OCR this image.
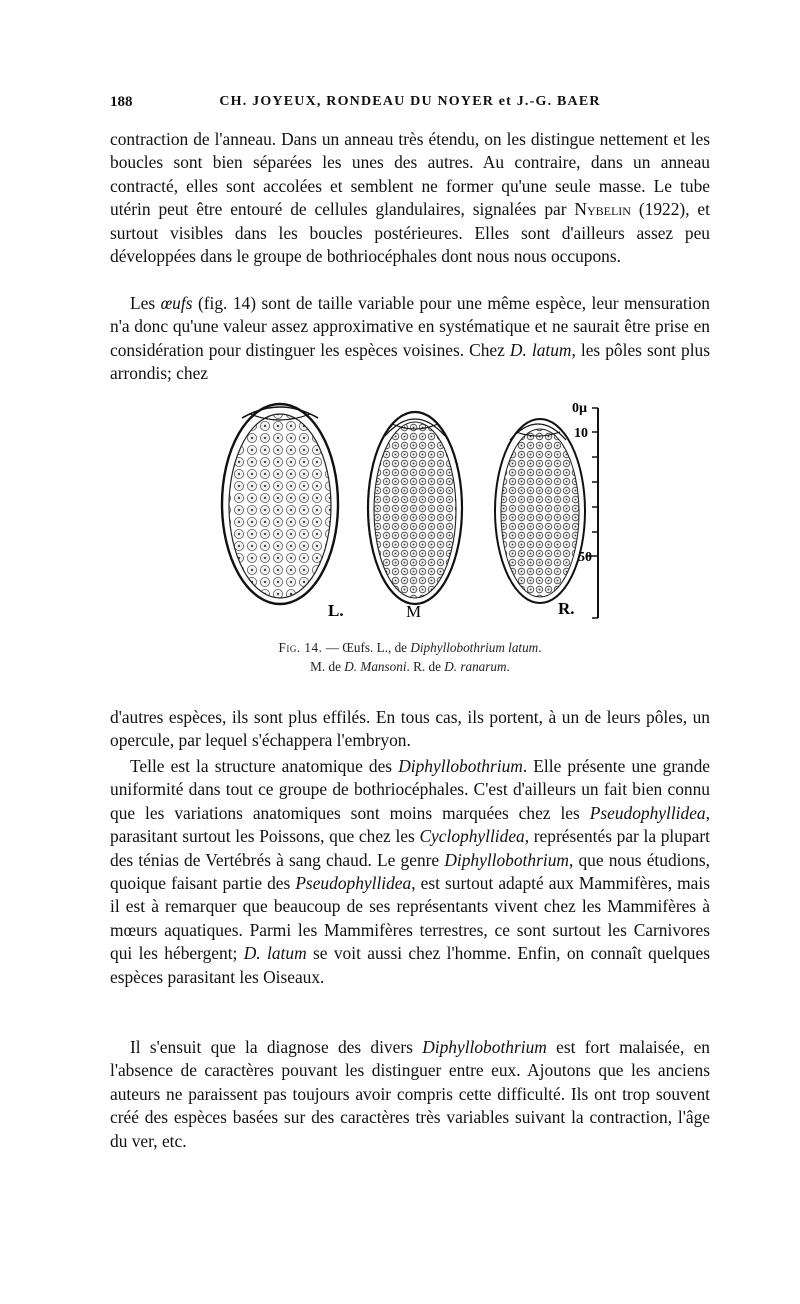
188	CH. JOYEUX, RONDEAU DU NOYER et J.-G. BAER

contraction de l'anneau. Dans un anneau très étendu, on les distingue nettement et les boucles sont bien séparées les unes des autres. Au contraire, dans un anneau contracté, elles sont accolées et semblent ne former qu'une seule masse. Le tube utérin peut être entouré de cellules glandulaires, signalées par Nybelin (1922), et surtout visibles dans les boucles postérieures. Elles sont d'ailleurs assez peu développées dans le groupe de bothriocéphales dont nous nous occupons.

Les œufs (fig. 14) sont de taille variable pour une même espèce, leur mensuration n'a donc qu'une valeur assez approximative en systématique et ne saurait être prise en considération pour distinguer les espèces voisines. Chez D. latum, les pôles sont plus arrondis; chez

L.	M	R.
0µ
10
50
Fig. 14. — Œufs. L., de Diphyllobothrium latum.
M. de D. Mansoni. R. de D. ranarum.

d'autres espèces, ils sont plus effilés. En tous cas, ils portent, à un de leurs pôles, un opercule, par lequel s'échappera l'embryon.

Telle est la structure anatomique des Diphyllobothrium. Elle présente une grande uniformité dans tout ce groupe de bothriocéphales. C'est d'ailleurs un fait bien connu que les variations anatomiques sont moins marquées chez les Pseudophyllidea, parasitant surtout les Poissons, que chez les Cyclophyllidea, représentés par la plupart des ténias de Vertébrés à sang chaud. Le genre Diphyllobothrium, que nous étudions, quoique faisant partie des Pseudophyllidea, est surtout adapté aux Mammifères, mais il est à remarquer que beaucoup de ses représentants vivent chez les Mammifères à mœurs aquatiques. Parmi les Mammifères terrestres, ce sont surtout les Carnivores qui les hébergent; D. latum se voit aussi chez l'homme. Enfin, on connaît quelques espèces parasitant les Oiseaux.

Il s'ensuit que la diagnose des divers Diphyllobothrium est fort malaisée, en l'absence de caractères pouvant les distinguer entre eux. Ajoutons que les anciens auteurs ne paraissent pas toujours avoir compris cette difficulté. Ils ont trop souvent créé des espèces basées sur des caractères très variables suivant la contraction, l'âge du ver, etc.
